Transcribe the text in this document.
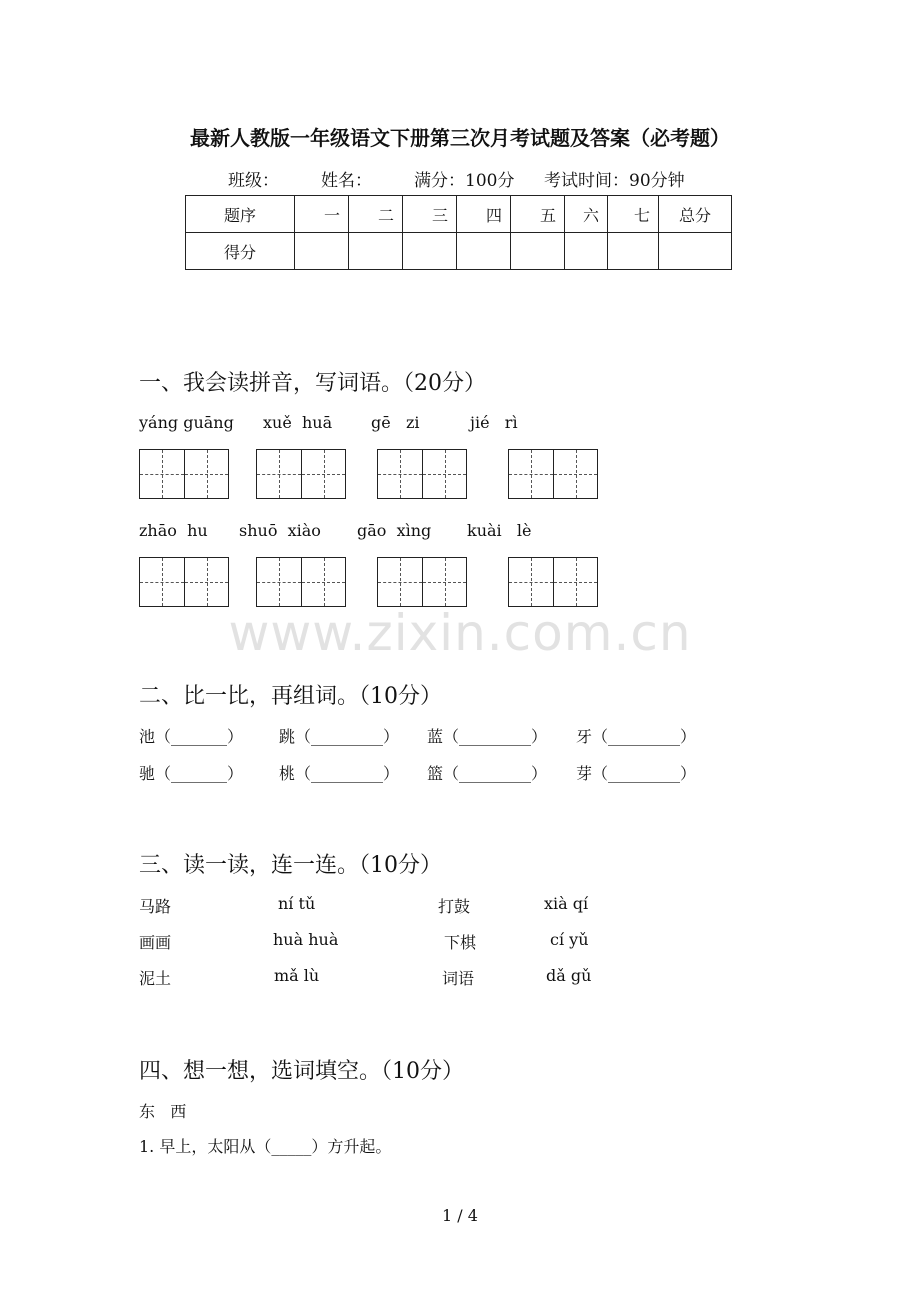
最新人教版一年级语文下册第三次月考试题及答案（必考题）
班级： 姓名： 满分：100分 考试时间：90分钟
题序	一	二	三	四	五	六	七	总分
得分								
一、我会读拼音，写词语。（20分）
yáng guāng xuě  huā gē   zi	jié   rì
zhāo  hu shuō  xiào gāo  xìng kuài   lè
www.zixin.com.cn
二、比一比，再组词。（10分）
池（_______） 跳（_________） 蓝（_________） 牙（_________）
驰（_______） 桃（_________） 篮（_________） 芽（_________）
三、读一读，连一连。（10分）
马路	ní tǔ	打鼓	xià qí
画画	huà huà	下棋	cí yǔ
泥土	mǎ lù	词语	dǎ gǔ
四、想一想，选词填空。（10分）
东   西
1. 早上，太阳从（_____）方升起。
1 / 4
